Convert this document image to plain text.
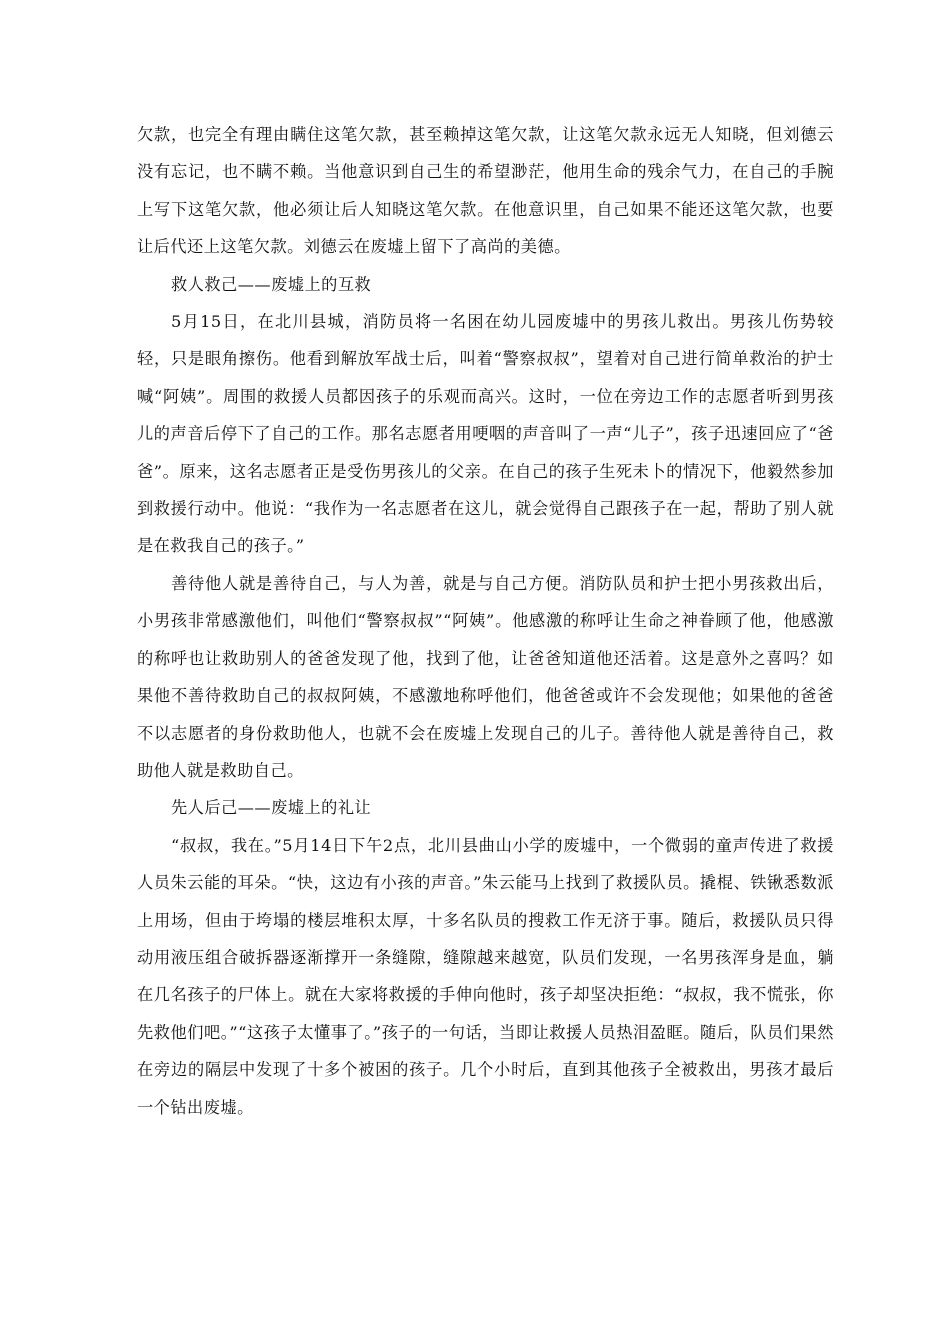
欠款，也完全有理由瞒住这笔欠款，甚至赖掉这笔欠款，让这笔欠款永远无人知晓，但刘德云没有忘记，也不瞒不赖。当他意识到自己生的希望渺茫，他用生命的残余气力，在自己的手腕上写下这笔欠款，他必须让后人知晓这笔欠款。在他意识里，自己如果不能还这笔欠款，也要让后代还上这笔欠款。刘德云在废墟上留下了高尚的美德。

救人救己——废墟上的互救

5月15日，在北川县城，消防员将一名困在幼儿园废墟中的男孩儿救出。男孩儿伤势较轻，只是眼角擦伤。他看到解放军战士后，叫着“警察叔叔”，望着对自己进行简单救治的护士喊“阿姨”。周围的救援人员都因孩子的乐观而高兴。这时，一位在旁边工作的志愿者听到男孩儿的声音后停下了自己的工作。那名志愿者用哽咽的声音叫了一声“儿子”，孩子迅速回应了“爸爸”。原来，这名志愿者正是受伤男孩儿的父亲。在自己的孩子生死未卜的情况下，他毅然参加到救援行动中。他说：“我作为一名志愿者在这儿，就会觉得自己跟孩子在一起，帮助了别人就是在救我自己的孩子。”

善待他人就是善待自己，与人为善，就是与自己方便。消防队员和护士把小男孩救出后，小男孩非常感激他们，叫他们“警察叔叔”“阿姨”。他感激的称呼让生命之神眷顾了他，他感激的称呼也让救助别人的爸爸发现了他，找到了他，让爸爸知道他还活着。这是意外之喜吗？如果他不善待救助自己的叔叔阿姨，不感激地称呼他们，他爸爸或许不会发现他；如果他的爸爸不以志愿者的身份救助他人，也就不会在废墟上发现自己的儿子。善待他人就是善待自己，救助他人就是救助自己。

先人后己——废墟上的礼让

“叔叔，我在。”5月14日下午2点，北川县曲山小学的废墟中，一个微弱的童声传进了救援人员朱云能的耳朵。“快，这边有小孩的声音。”朱云能马上找到了救援队员。撬棍、铁锹悉数派上用场，但由于垮塌的楼层堆积太厚，十多名队员的搜救工作无济于事。随后，救援队员只得动用液压组合破拆器逐渐撑开一条缝隙，缝隙越来越宽，队员们发现，一名男孩浑身是血，躺在几名孩子的尸体上。就在大家将救援的手伸向他时，孩子却坚决拒绝：“叔叔，我不慌张，你先救他们吧。”“这孩子太懂事了。”孩子的一句话，当即让救援人员热泪盈眶。随后，队员们果然在旁边的隔层中发现了十多个被困的孩子。几个小时后，直到其他孩子全被救出，男孩才最后一个钻出废墟。
